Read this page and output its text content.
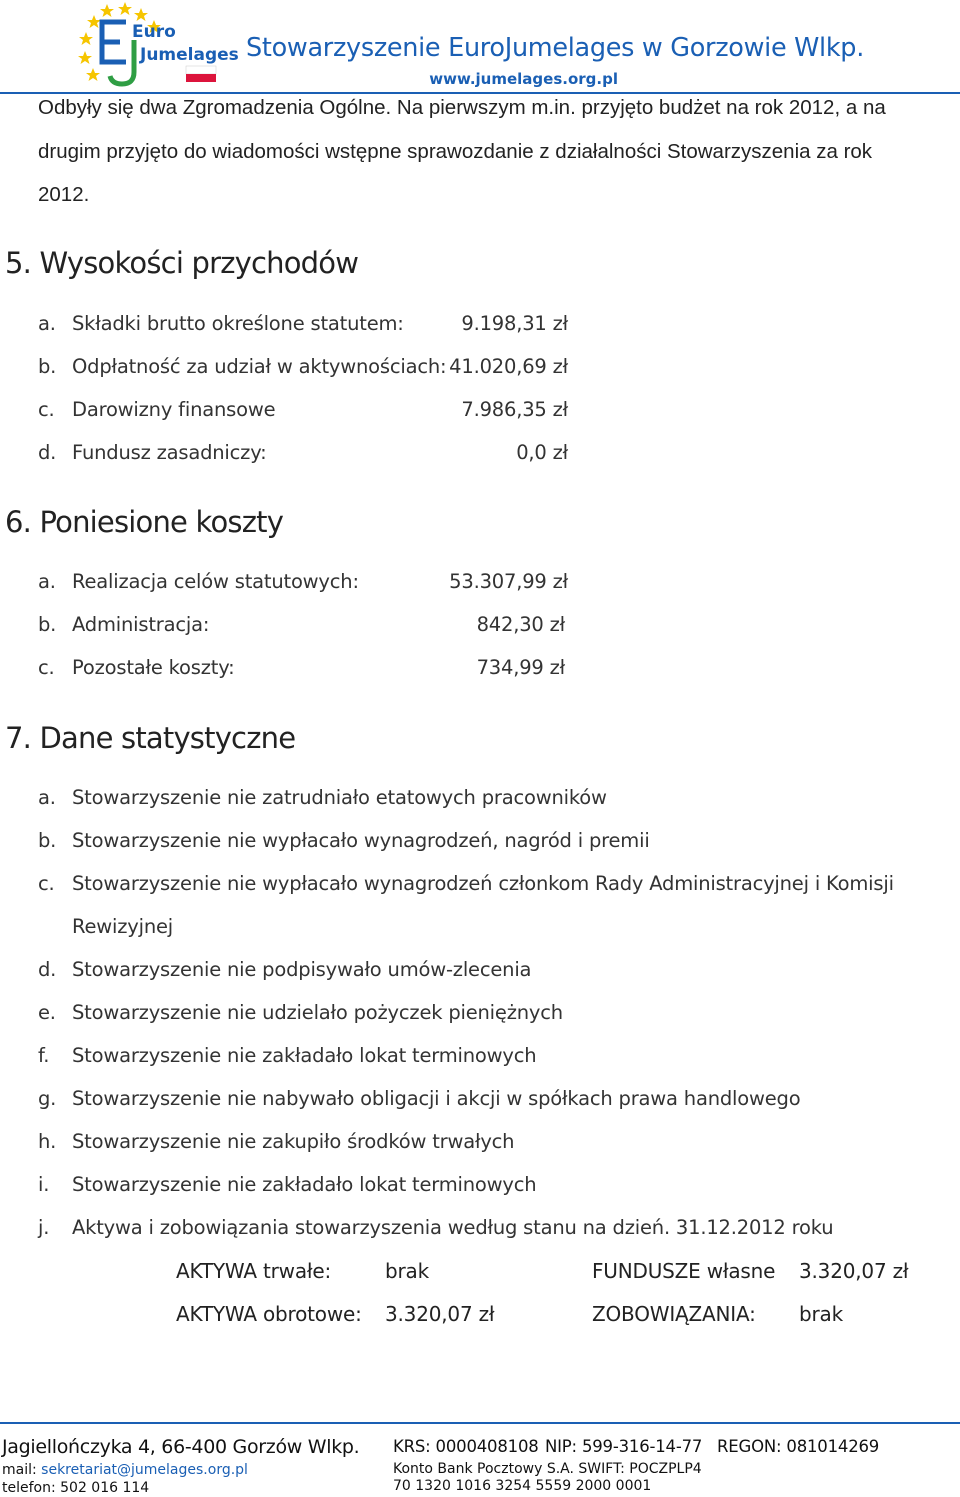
Euro
Jumelages Stowarzyszenie EuroJumelages w Gorzowie Wlkp.
www.jumelages.org.pl
Odbyły się dwa Zgromadzenia Ogólne. Na pierwszym m.in. przyjęto budżet na rok 2012, a na
drugim przyjęto do wiadomości wstępne sprawozdanie z działalności Stowarzyszenia za rok
2012.
5. Wysokości przychodów
a. Składki brutto określone statutem:	9.198,31 zł
b. Odpłatność za udział w aktywnościach: 41.020,69 zł
c. Darowizny finansowe	7.986,35 zł
d. Fundusz zasadniczy:	0,0 zł
6. Poniesione koszty
a. Realizacja celów statutowych:	53.307,99 zł
b. Administracja:	842,30 zł
c. Pozostałe koszty:	734,99 zł
7. Dane statystyczne
a. Stowarzyszenie nie zatrudniało etatowych pracowników
b. Stowarzyszenie nie wypłacało wynagrodzeń, nagród i premii
c. Stowarzyszenie nie wypłacało wynagrodzeń członkom Rady Administracyjnej i Komisji
Rewizyjnej
d. Stowarzyszenie nie podpisywało umów-zlecenia
e. Stowarzyszenie nie udzielało pożyczek pieniężnych
f. Stowarzyszenie nie zakładało lokat terminowych
g. Stowarzyszenie nie nabywało obligacji i akcji w spółkach prawa handlowego
h. Stowarzyszenie nie zakupiło środków trwałych
i. Stowarzyszenie nie zakładało lokat terminowych
j. Aktywa i zobowiązania stowarzyszenia według stanu na dzień. 31.12.2012 roku
AKTYWA trwałe:	brak	FUNDUSZE własne 3.320,07 zł
AKTYWA obrotowe: 3.320,07 zł	ZOBOWIĄZANIA: brak
Jagiellończyka 4, 66-400 Gorzów Wlkp. KRS: 0000408108 NIP: 599-316-14-77 REGON: 081014269
mail: sekretariat@jumelages.org.pl	Konto Bank Pocztowy S.A. SWIFT: POCZPLP4
telefon: 502 016 114	70 1320 1016 3254 5559 2000 0001
